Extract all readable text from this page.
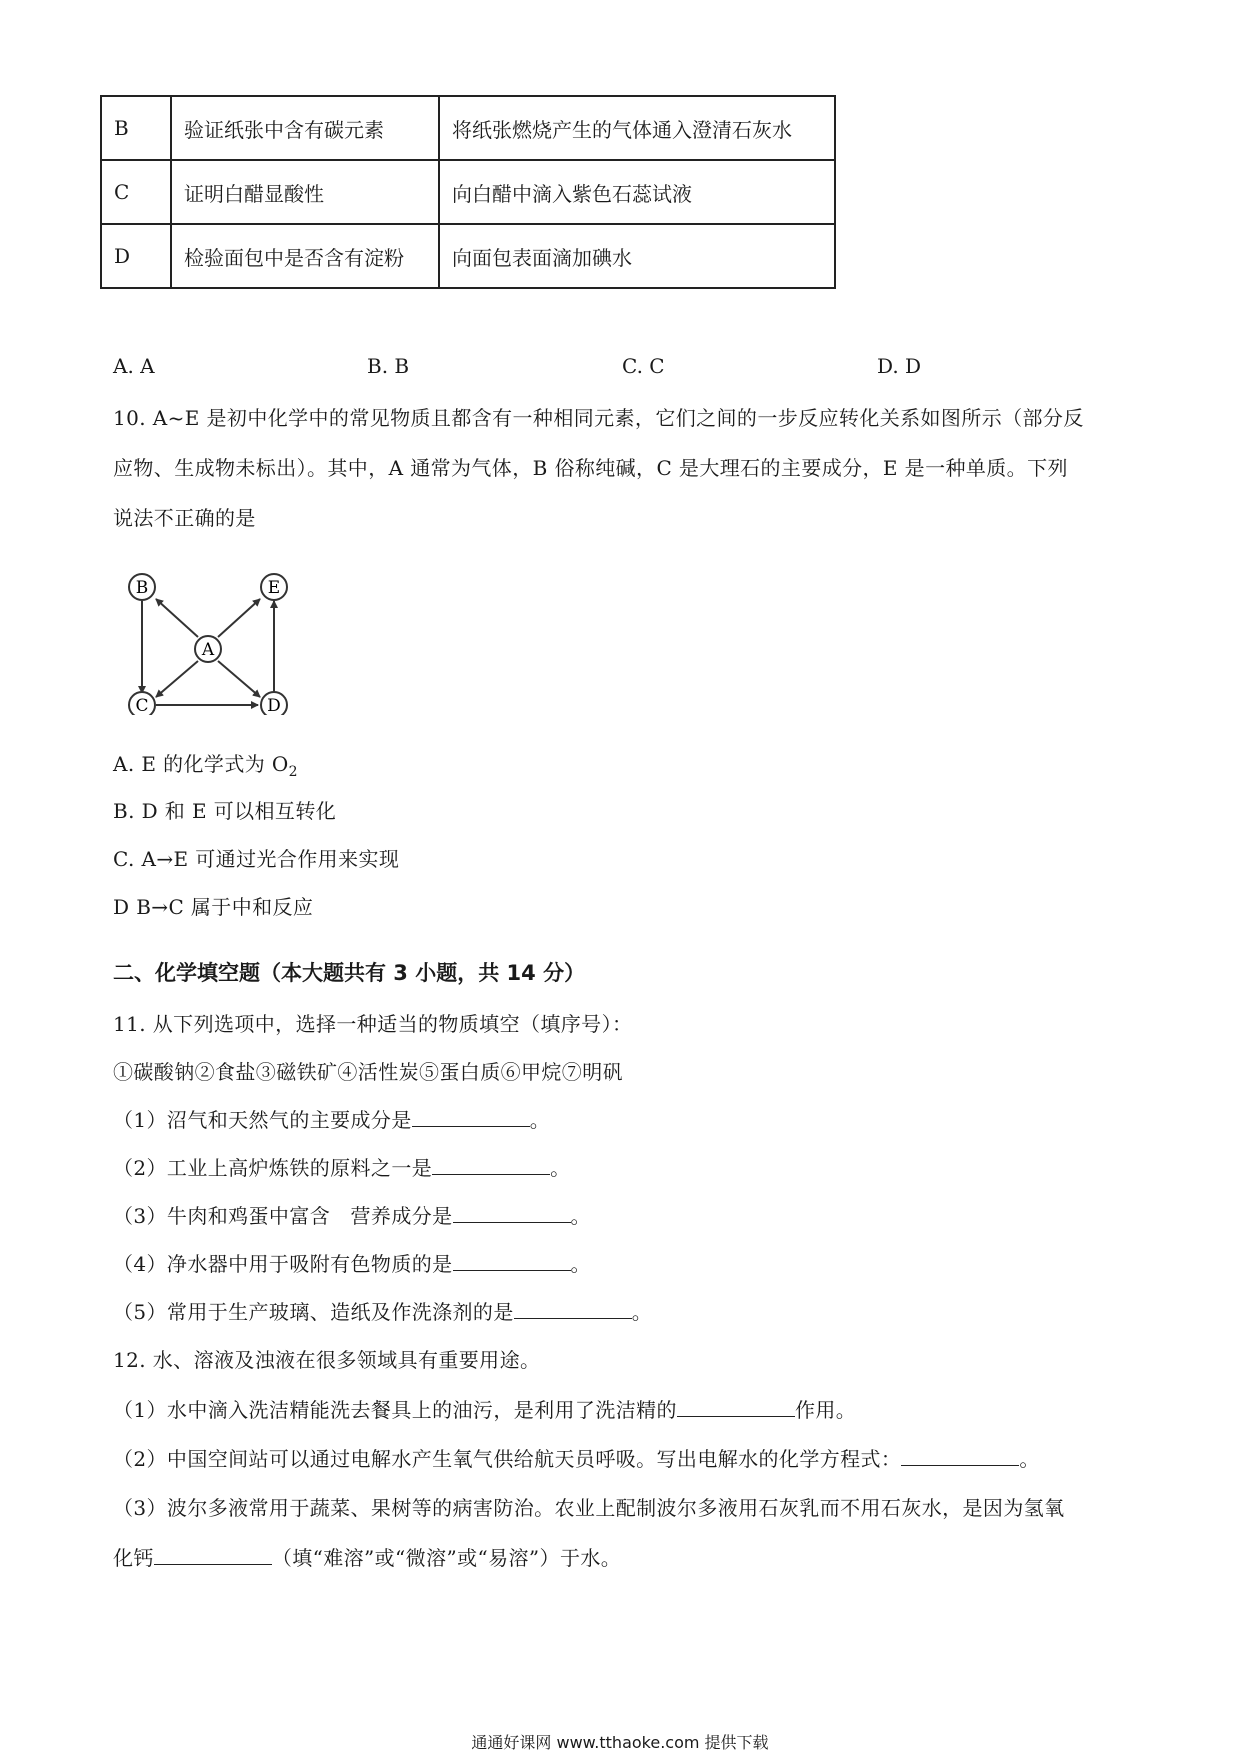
B	验证纸张中含有碳元素	将纸张燃烧产生的气体通入澄清石灰水
C	证明白醋显酸性	向白醋中滴入紫色石蕊试液
D	检验面包中是否含有淀粉	向面包表面滴加碘水
A. A	B. B	C. C	D. D
10. A~E 是初中化学中的常见物质且都含有一种相同元素，它们之间的一步反应转化关系如图所示（部分反
应物、生成物未标出）。其中，A 通常为气体，B 俗称纯碱，C 是大理石的主要成分，E 是一种单质。下列
说法不正确的是
B	E
A
C	D
A. E 的化学式为 $O_2$
B. D 和 E 可以相互转化
C. A→E 可通过光合作用来实现
D B→C 属于中和反应
二、化学填空题（本大题共有 3 小题，共 14 分）
11. 从下列选项中，选择一种适当的物质填空（填序号）：
①碳酸钠②食盐③磁铁矿④活性炭⑤蛋白质⑥甲烷⑦明矾
（1）沼气和天然气的主要成分是	。
（2）工业上高炉炼铁的原料之一是	。
（3）牛肉和鸡蛋中富含　营养成分是	。
（4）净水器中用于吸附有色物质的是	。
（5）常用于生产玻璃、造纸及作洗涤剂的是	。
12. 水、溶液及浊液在很多领域具有重要用途。
（1）水中滴入洗洁精能洗去餐具上的油污，是利用了洗洁精的	作用。
（2）中国空间站可以通过电解水产生氧气供给航天员呼吸。写出电解水的化学方程式：	。
（3）波尔多液常用于蔬菜、果树等的病害防治。农业上配制波尔多液用石灰乳而不用石灰水，是因为氢氧
化钙	（填“难溶”或“微溶”或“易溶”）于水。
通通好课网 www.tthaoke.com 提供下载
